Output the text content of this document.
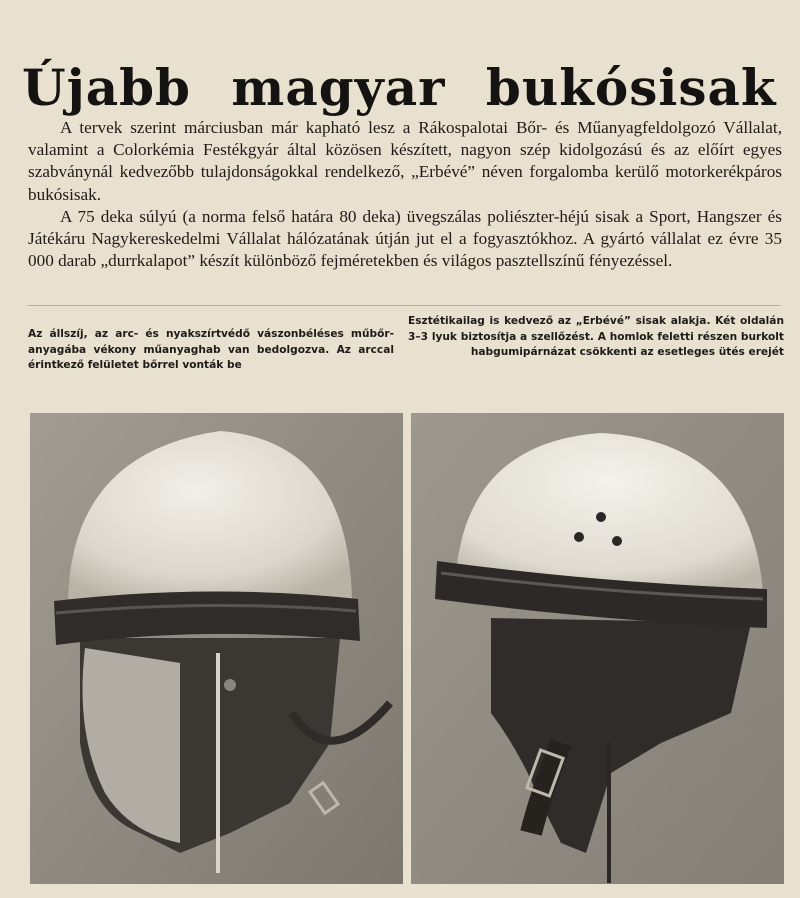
Újabb magyar bukósisak

A tervek szerint márciusban már kapható lesz a Rákospalotai Bőr- és Műanyagfeldolgozó Vállalat, valamint a Colorkémia Festékgyár által közösen készített, nagyon szép kidolgozású és az előírt egyes szabványnál kedvezőbb tulajdonságokkal rendelkező, „Erbévé” néven forgalomba kerülő motorkerékpáros bukósisak.

A 75 deka súlyú (a norma felső határa 80 deka) üvegszálas poliészter-héjú sisak a Sport, Hangszer és Játékáru Nagykereskedelmi Vállalat hálózatának útján jut el a fogyasztókhoz. A gyártó vállalat ez évre 35 000 darab „durrkalapot” készít különböző fejméretekben és világos pasztellszínű fényezéssel.

Az állszíj, az arc- és nyakszírtvédő vászonbéléses műbőr-anyagába vékony műanyaghab van bedolgozva. Az arccal érintkező felületet bőrrel vonták be
Esztétikailag is kedvező az „Erbévé” sisak alakja. Két oldalán 3–3 lyuk biztosítja a szellőzést. A homlok feletti részen burkolt habgumipárnázat csökkenti az esetleges ütés erejét
